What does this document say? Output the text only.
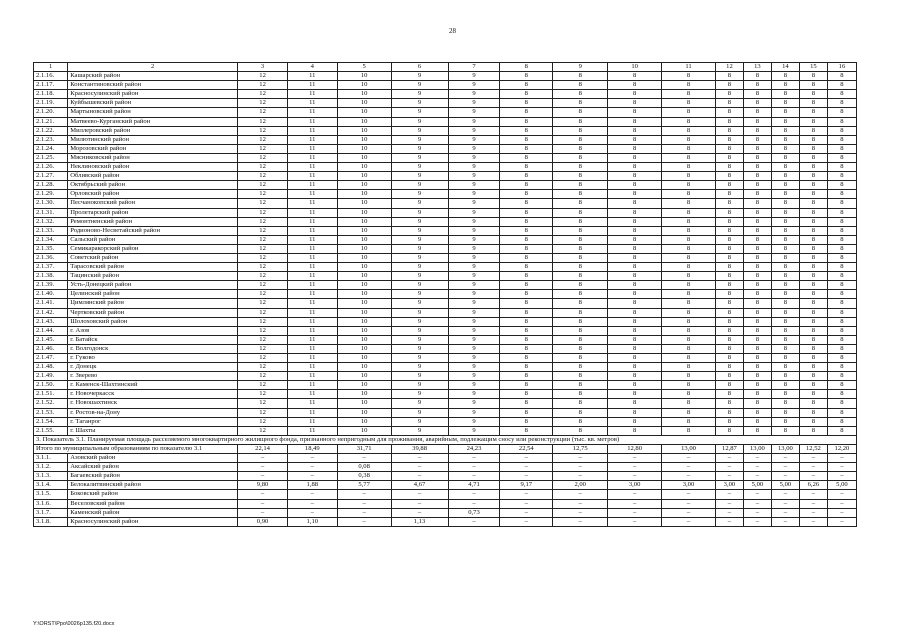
28
1	2	3	4	5	6	7	8	9	10	11	12	13	14	15	16
2.1.16.	Кашарский район	12	11	10	9	9	8	8	8	8	8	8	8	8	8
2.1.17.	Константиновский район	12	11	10	9	9	8	8	8	8	8	8	8	8	8
2.1.18.	Красносулинский район	12	11	10	9	9	8	8	8	8	8	8	8	8	8
2.1.19.	Куйбышевский район	12	11	10	9	9	8	8	8	8	8	8	8	8	8
2.1.20.	Мартыновский район	12	11	10	9	9	8	8	8	8	8	8	8	8	8
2.1.21.	Матвеево-Курганский район	12	11	10	9	9	8	8	8	8	8	8	8	8	8
2.1.22.	Миллеровский район	12	11	10	9	9	8	8	8	8	8	8	8	8	8
2.1.23.	Милютинский район	12	11	10	9	9	8	8	8	8	8	8	8	8	8
2.1.24.	Морозовский район	12	11	10	9	9	8	8	8	8	8	8	8	8	8
2.1.25.	Мясниковский район	12	11	10	9	9	8	8	8	8	8	8	8	8	8
2.1.26.	Неклиновский район	12	11	10	9	9	8	8	8	8	8	8	8	8	8
2.1.27.	Обливский район	12	11	10	9	9	8	8	8	8	8	8	8	8	8
2.1.28.	Октябрьский район	12	11	10	9	9	8	8	8	8	8	8	8	8	8
2.1.29.	Орловский район	12	11	10	9	9	8	8	8	8	8	8	8	8	8
2.1.30.	Песчанокопский район	12	11	10	9	9	8	8	8	8	8	8	8	8	8
2.1.31.	Пролетарский район	12	11	10	9	9	8	8	8	8	8	8	8	8	8
2.1.32.	Ремонтненский район	12	11	10	9	9	8	8	8	8	8	8	8	8	8
2.1.33.	Родионово-Несветайский район	12	11	10	9	9	8	8	8	8	8	8	8	8	8
2.1.34.	Сальский район	12	11	10	9	9	8	8	8	8	8	8	8	8	8
2.1.35.	Семикаракорский район	12	11	10	9	9	8	8	8	8	8	8	8	8	8
2.1.36.	Советский район	12	11	10	9	9	8	8	8	8	8	8	8	8	8
2.1.37.	Тарасовский район	12	11	10	9	9	8	8	8	8	8	8	8	8	8
2.1.38.	Тацинский район	12	11	10	9	9	8	8	8	8	8	8	8	8	8
2.1.39.	Усть-Донецкий район	12	11	10	9	9	8	8	8	8	8	8	8	8	8
2.1.40.	Целинский район	12	11	10	9	9	8	8	8	8	8	8	8	8	8
2.1.41.	Цимлянский район	12	11	10	9	9	8	8	8	8	8	8	8	8	8
2.1.42.	Чертковский район	12	11	10	9	9	8	8	8	8	8	8	8	8	8
2.1.43.	Шолоховский район	12	11	10	9	9	8	8	8	8	8	8	8	8	8
2.1.44.	г. Азов	12	11	10	9	9	8	8	8	8	8	8	8	8	8
2.1.45.	г. Батайск	12	11	10	9	9	8	8	8	8	8	8	8	8	8
2.1.46.	г. Волгодонск	12	11	10	9	9	8	8	8	8	8	8	8	8	8
2.1.47.	г. Гуково	12	11	10	9	9	8	8	8	8	8	8	8	8	8
2.1.48.	г. Донецк	12	11	10	9	9	8	8	8	8	8	8	8	8	8
2.1.49.	г. Зверево	12	11	10	9	9	8	8	8	8	8	8	8	8	8
2.1.50.	г. Каменск-Шахтинский	12	11	10	9	9	8	8	8	8	8	8	8	8	8
2.1.51.	г. Новочеркасск	12	11	10	9	9	8	8	8	8	8	8	8	8	8
2.1.52.	г. Новошахтинск	12	11	10	9	9	8	8	8	8	8	8	8	8	8
2.1.53.	г. Ростов-на-Дону	12	11	10	9	9	8	8	8	8	8	8	8	8	8
2.1.54.	г. Таганрог	12	11	10	9	9	8	8	8	8	8	8	8	8	8
2.1.55.	г. Шахты	12	11	10	9	9	8	8	8	8	8	8	8	8	8
3. Показатель 3.1. Планируемая площадь расселяемого многоквартирного жилищного фонда, признанного непригодным для проживания, аварийным, подлежащим сносу или реконструкции (тыс. кв. метров)															
Итого по муниципальным образованиям по показателю 3.1		22,14	18,49	31,71	39,88	24,23	22,54	12,75	12,80	13,00	12,87	13,00	13,00	12,52	12,20
3.1.1.	Азовский район	–	–	–	–	–	–	–	–	–	–	–	–	–	–
3.1.2.	Аксайский район	–	–	0,08	–	–	–	–	–	–	–	–	–	–	–
3.1.3.	Багаевский район	–	–	0,38	–	–	–	–	–	–	–	–	–	–	–
3.1.4.	Белокалитвинский район	9,80	1,88	5,77	4,67	4,71	9,17	2,00	3,00	3,00	3,00	5,00	5,00	6,26	5,00
3.1.5.	Боковский район	–	–	–	–	–	–	–	–	–	–	–	–	–	–
3.1.6.	Веселовский район	–	–	–	–	–	–	–	–	–	–	–	–	–	–
3.1.7.	Каменский район	–	–	–	–	0,73	–	–	–	–	–	–	–	–	–
3.1.8.	Красносулинский район	0,90	1,10	–	1,13	–	–	–	–	–	–	–	–	–	–
Y:\ORST\Ppo\0026p135.f20.docx
